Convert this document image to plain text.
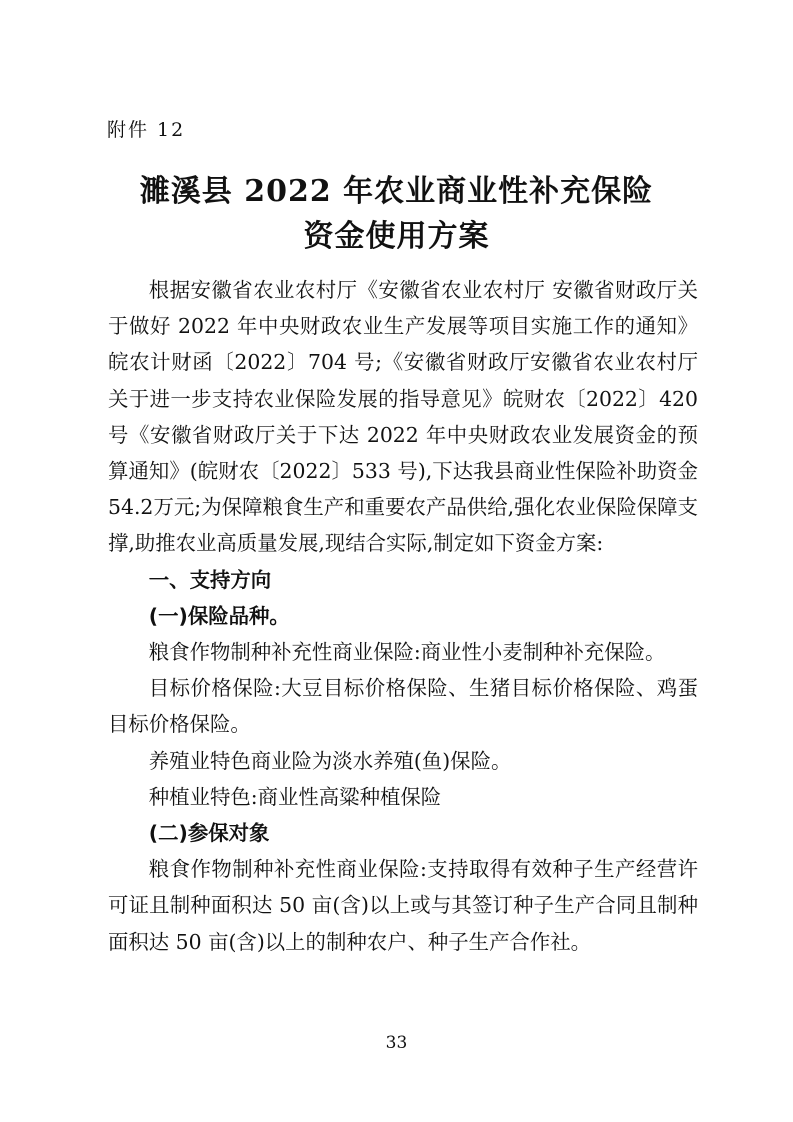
附件 12
濉溪县 2022 年农业商业性补充保险
资金使用方案

根据安徽省农业农村厅《安徽省农业农村厅 安徽省财政厅关于做好 2022 年中央财政农业生产发展等项目实施工作的通知》皖农计财函〔2022〕704 号;《安徽省财政厅安徽省农业农村厅关于进一步支持农业保险发展的指导意见》皖财农〔2022〕420 号《安徽省财政厅关于下达 2022 年中央财政农业发展资金的预算通知》(皖财农〔2022〕533 号),下达我县商业性保险补助资金54.2万元;为保障粮食生产和重要农产品供给,强化农业保险保障支撑,助推农业高质量发展,现结合实际,制定如下资金方案:

一、支持方向

(一)保险品种。

粮食作物制种补充性商业保险:商业性小麦制种补充保险。

目标价格保险:大豆目标价格保险、生猪目标价格保险、鸡蛋目标价格保险。

养殖业特色商业险为淡水养殖(鱼)保险。

种植业特色:商业性高粱种植保险

(二)参保对象

粮食作物制种补充性商业保险:支持取得有效种子生产经营许可证且制种面积达 50 亩(含)以上或与其签订种子生产合同且制种面积达 50 亩(含)以上的制种农户、种子生产合作社。

33
